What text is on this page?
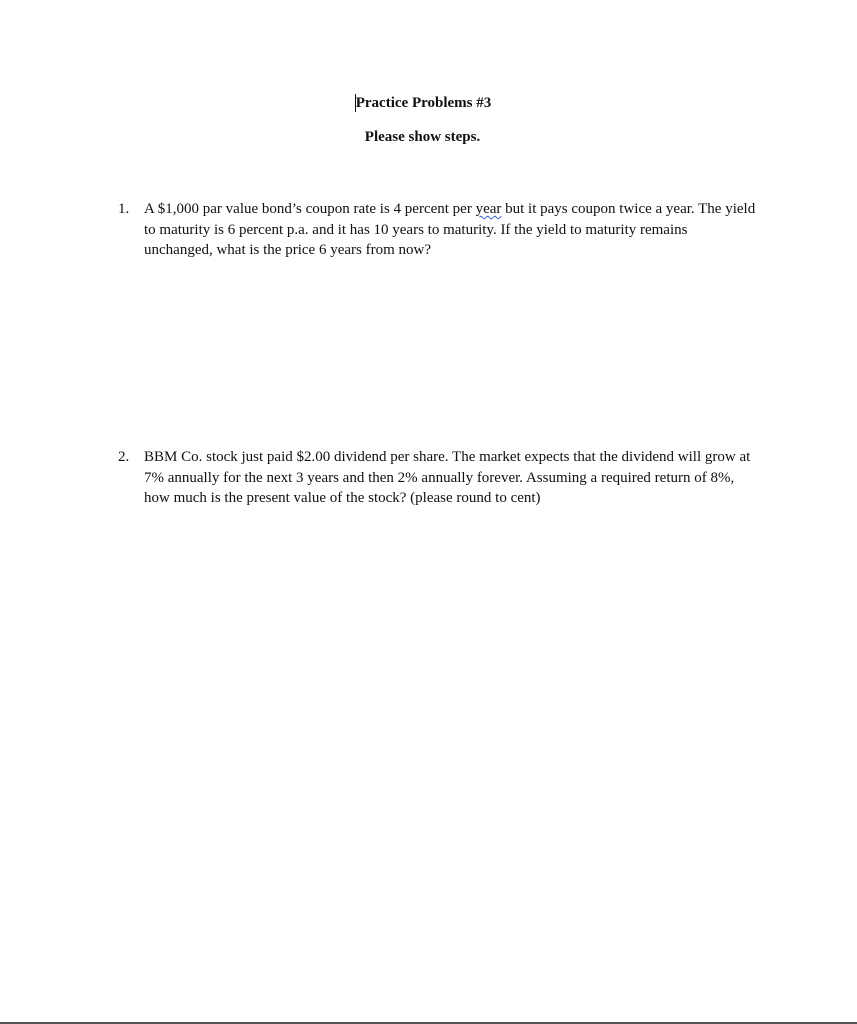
Practice Problems #3
Please show steps.
1. A $1,000 par value bond’s coupon rate is 4 percent per year but it pays coupon twice a year. The yield to maturity is 6 percent p.a. and it has 10 years to maturity. If the yield to maturity remains unchanged, what is the price 6 years from now?
2. BBM Co. stock just paid $2.00 dividend per share. The market expects that the dividend will grow at 7% annually for the next 3 years and then 2% annually forever. Assuming a required return of 8%, how much is the present value of the stock? (please round to cent)
